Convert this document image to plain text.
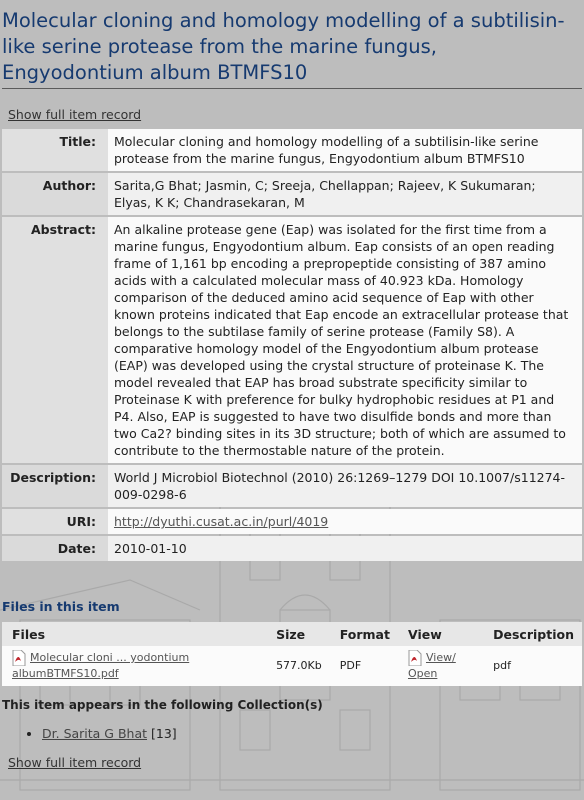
Molecular cloning and homology modelling of a subtilisin-like serine protease from the marine fungus, Engyodontium album BTMFS10
Show full item record
Title:	Molecular cloning and homology modelling of a subtilisin-like serine protease from the marine fungus, Engyodontium album BTMFS10
Author:	Sarita,G Bhat; Jasmin, C; Sreeja, Chellappan; Rajeev, K Sukumaran; Elyas, K K; Chandrasekaran, M
Abstract:	An alkaline protease gene (Eap) was isolated for the first time from a marine fungus, Engyodontium album. Eap consists of an open reading frame of 1,161 bp encoding a prepropeptide consisting of 387 amino acids with a calculated molecular mass of 40.923 kDa. Homology comparison of the deduced amino acid sequence of Eap with other known proteins indicated that Eap encode an extracellular protease that belongs to the subtilase family of serine protease (Family S8). A comparative homology model of the Engyodontium album protease (EAP) was developed using the crystal structure of proteinase K. The model revealed that EAP has broad substrate specificity similar to Proteinase K with preference for bulky hydrophobic residues at P1 and P4. Also, EAP is suggested to have two disulfide bonds and more than two Ca2? binding sites in its 3D structure; both of which are assumed to contribute to the thermostable nature of the protein.
Description:	World J Microbiol Biotechnol (2010) 26:1269–1279 DOI 10.1007/s11274-009-0298-6
URI:	http://dyuthi.cusat.ac.in/purl/4019
Date:	2010-01-10
Files in this item
Files	Size	Format	View	Description
Molecular cloni ... yodontium albumBTMFS10.pdf	577.0Kb	PDF	View/ Open	pdf
This item appears in the following Collection(s)
• Dr. Sarita G Bhat [13]
Show full item record
